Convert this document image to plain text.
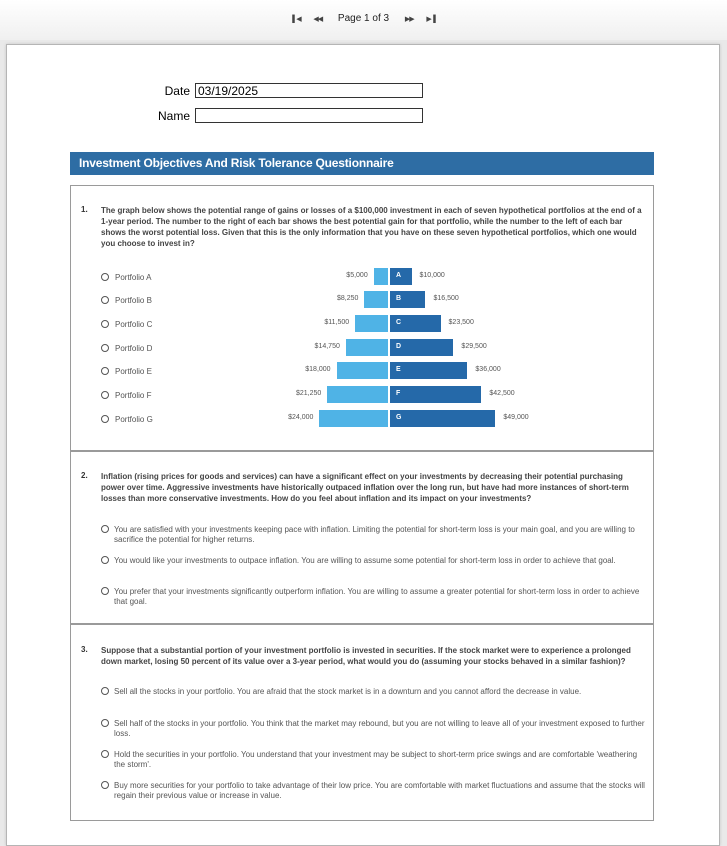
▌◀ ◀◀ Page 1 of 3 ▶▶ ▶▐
Date 03/19/2025
Name
Investment Objectives And Risk Tolerance Questionnaire
1. The graph below shows the potential range of gains or losses of a $100,000 investment in each of seven hypothetical portfolios at the end of a 1-year period. The number to the right of each bar shows the best potential gain for that portfolio, while the number to the left of each bar shows the worst potential loss. Given that this is the only information that you have on these seven hypothetical portfolios, which one would you choose to invest in?
Portfolio A
Portfolio B
Portfolio C
Portfolio D
Portfolio E
Portfolio F
Portfolio G
A
$5,000	$10,000
B
$8,250	$16,500
C
$11,500	$23,500
D
$14,750	$29,500
E
$18,000	$36,000
F
$21,250	$42,500
G
$24,000	$49,000
2. Inflation (rising prices for goods and services) can have a significant effect on your investments by decreasing their potential purchasing power over time. Aggressive investments have historically outpaced inflation over the long run, but have had more instances of short-term losses than more conservative investments. How do you feel about inflation and its impact on your investments?
You are satisfied with your investments keeping pace with inflation. Limiting the potential for short-term loss is your main goal, and you are willing to sacrifice the potential for higher returns.
You would like your investments to outpace inflation. You are willing to assume some potential for short-term loss in order to achieve that goal.
You prefer that your investments significantly outperform inflation. You are willing to assume a greater potential for short-term loss in order to achieve that goal.
3. Suppose that a substantial portion of your investment portfolio is invested in securities. If the stock market were to experience a prolonged down market, losing 50 percent of its value over a 3-year period, what would you do (assuming your stocks behaved in a similar fashion)?
Sell all the stocks in your portfolio. You are afraid that the stock market is in a downturn and you cannot afford the decrease in value.
Sell half of the stocks in your portfolio. You think that the market may rebound, but you are not willing to leave all of your investment exposed to further loss.
Hold the securities in your portfolio. You understand that your investment may be subject to short-term price swings and are comfortable 'weathering the storm'.
Buy more securities for your portfolio to take advantage of their low price. You are comfortable with market fluctuations and assume that the stocks will regain their previous value or increase in value.
